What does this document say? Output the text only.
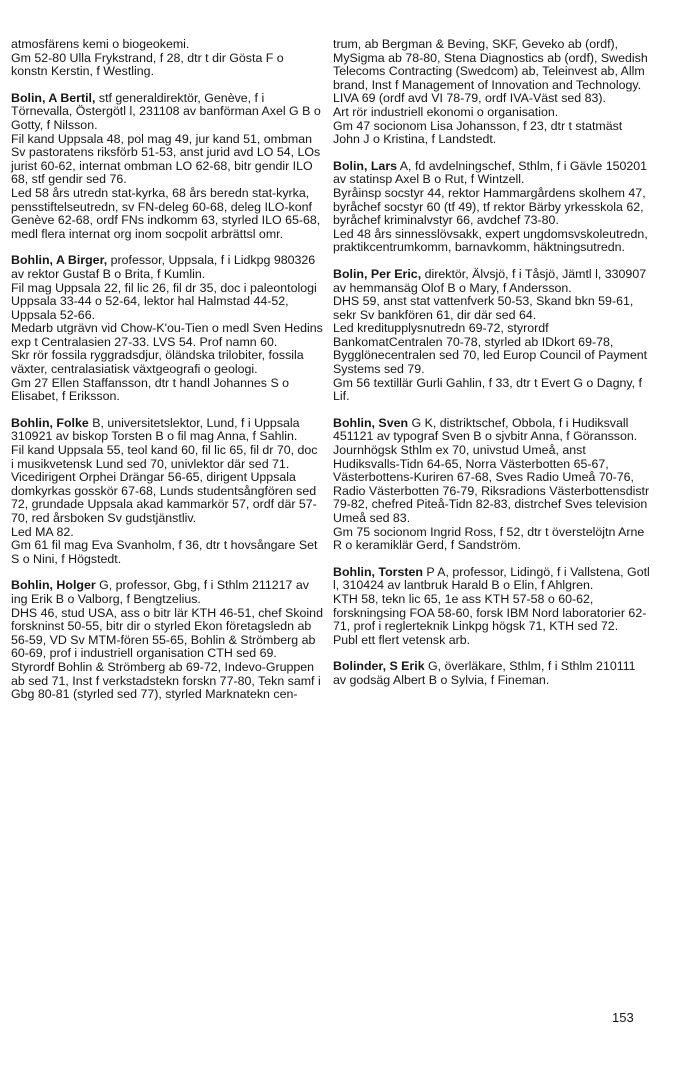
atmosfärens kemi o biogeokemi.

Gm 52-80 Ulla Frykstrand, f 28, dtr t dir Gösta F o konstn Kerstin, f Westling.

Bolin, A Bertil, stf generaldirektör, Genève, f i Törnevalla, Östergötl l, 231108 av banförman Axel G B o Gotty, f Nilsson.

Fil kand Uppsala 48, pol mag 49, jur kand 51, ombman Sv pastoratens riksförb 51-53, anst jurid avd LO 54, LOs jurist 60-62, internat ombman LO 62-68, bitr gendir ILO 68, stf gendir sed 76.

Led 58 års utredn stat-kyrka, 68 års beredn stat-kyrka, pensstiftelseutredn, sv FN-deleg 60-68, deleg ILO-konf Genève 62-68, ordf FNs indkomm 63, styrled ILO 65-68, medl flera internat org inom socpolit arbrättsl omr.

Bohlin, A Birger, professor, Uppsala, f i Lidkpg 980326 av rektor Gustaf B o Brita, f Kumlin.

Fil mag Uppsala 22, fil lic 26, fil dr 35, doc i paleontologi Uppsala 33-44 o 52-64, lektor hal Halmstad 44-52, Uppsala 52-66.

Medarb utgrävn vid Chow-K'ou-Tien o medl Sven Hedins exp t Centralasien 27-33. LVS 54. Prof namn 60.

Skr rör fossila ryggradsdjur, öländska trilobiter, fossila växter, centralasiatisk växtgeografi o geologi.

Gm 27 Ellen Staffansson, dtr t handl Johannes S o Elisabet, f Eriksson.

Bohlin, Folke B, universitetslektor, Lund, f i Uppsala 310921 av biskop Torsten B o fil mag Anna, f Sahlin.

Fil kand Uppsala 55, teol kand 60, fil lic 65, fil dr 70, doc i musikvetensk Lund sed 70, univlektor där sed 71.

Vicedirigent Orphei Drängar 56-65, dirigent Uppsala domkyrkas gosskör 67-68, Lunds studentsångfören sed 72, grundade Uppsala akad kammarkör 57, ordf där 57-70, red årsboken Sv gudstjänstliv.

Led MA 82.

Gm 61 fil mag Eva Svanholm, f 36, dtr t hovsångare Set S o Nini, f Högstedt.

Bohlin, Holger G, professor, Gbg, f i Sthlm 211217 av ing Erik B o Valborg, f Bengtzelius.

DHS 46, stud USA, ass o bitr lär KTH 46-51, chef Skoind forskninst 50-55, bitr dir o styrled Ekon företagsledn ab 56-59, VD Sv MTM-fören 55-65, Bohlin & Strömberg ab 60-69, prof i industriell organisation CTH sed 69.

Styrordf Bohlin & Strömberg ab 69-72, Indevo-Gruppen ab sed 71, Inst f verkstadstekn forskn 77-80, Tekn samf i Gbg 80-81 (styrled sed 77), styrled Marknatekn cen-

trum, ab Bergman & Beving, SKF, Geveko ab (ordf), MySigma ab 78-80, Stena Diagnostics ab (ordf), Swedish Telecoms Contracting (Swedcom) ab, Teleinvest ab, Allm brand, Inst f Management of Innovation and Technology.

LIVA 69 (ordf avd VI 78-79, ordf IVA-Väst sed 83).

Art rör industriell ekonomi o organisation.

Gm 47 socionom Lisa Johansson, f 23, dtr t statmäst John J o Kristina, f Landstedt.

Bolin, Lars A, fd avdelningschef, Sthlm, f i Gävle 150201 av statinsp Axel B o Rut, f Wintzell.

Byråinsp socstyr 44, rektor Hammargårdens skolhem 47, byråchef socstyr 60 (tf 49), tf rektor Bärby yrkesskola 62, byråchef kriminalvstyr 66, avdchef 73-80.

Led 48 års sinnesslövsakk, expert ungdomsvskoleutredn, praktikcentrumkomm, barnavkomm, häktningsutredn.

Bolin, Per Eric, direktör, Älvsjö, f i Tåsjö, Jämtl l, 330907 av hemmansäg Olof B o Mary, f Andersson.

DHS 59, anst stat vattenfverk 50-53, Skand bkn 59-61, sekr Sv bankfören 61, dir där sed 64.

Led kreditupplysnutredn 69-72, styrordf BankomatCentralen 70-78, styrled ab IDkort 69-78, Bygglönecentralen sed 70, led Europ Council of Payment Systems sed 79.

Gm 56 textillär Gurli Gahlin, f 33, dtr t Evert G o Dagny, f Lif.

Bohlin, Sven G K, distriktschef, Obbola, f i Hudiksvall 451121 av typograf Sven B o sjvbitr Anna, f Göransson.

Journhögsk Sthlm ex 70, univstud Umeå, anst Hudiksvalls-Tidn 64-65, Norra Västerbotten 65-67, Västerbottens-Kuriren 67-68, Sves Radio Umeå 70-76, Radio Västerbotten 76-79, Riksradions Västerbottensdistr 79-82, chefred Piteå-Tidn 82-83, distrchef Sves television Umeå sed 83.

Gm 75 socionom Ingrid Ross, f 52, dtr t överstelöjtn Arne R o keramiklär Gerd, f Sandström.

Bohlin, Torsten P A, professor, Lidingö, f i Vallstena, Gotl l, 310424 av lantbruk Harald B o Elin, f Ahlgren.

KTH 58, tekn lic 65, 1e ass KTH 57-58 o 60-62, forskningsing FOA 58-60, forsk IBM Nord laboratorier 62-71, prof i reglerteknik Linkpg högsk 71, KTH sed 72.

Publ ett flert vetensk arb.

Bolinder, S Erik G, överläkare, Sthlm, f i Sthlm 210111 av godsäg Albert B o Sylvia, f Fineman.

153
